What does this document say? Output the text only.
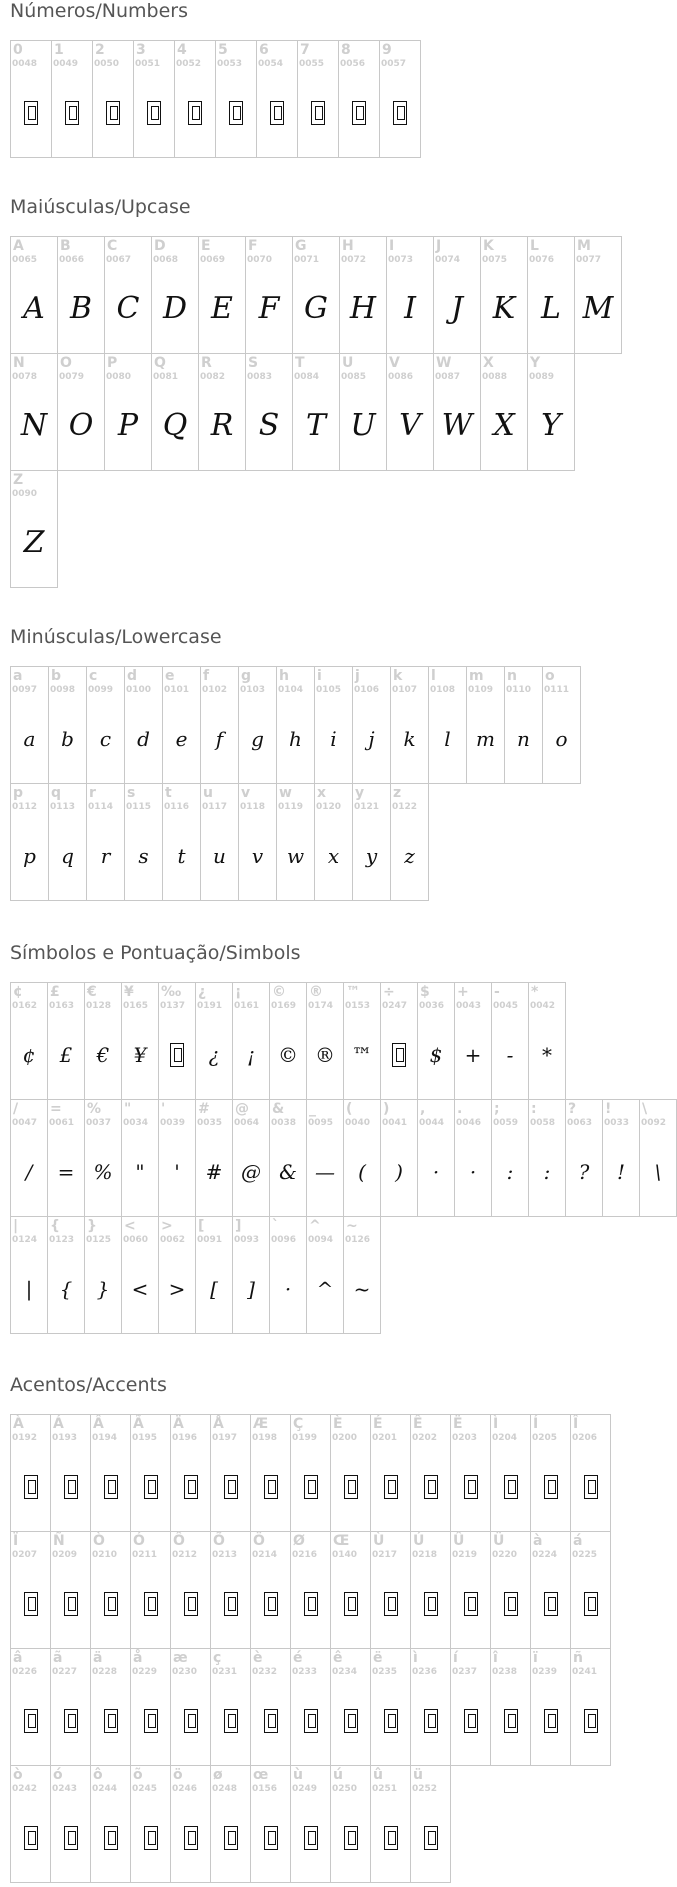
Números/Numbers
0
0048
1
0049
2
0050
3
0051
4
0052
5
0053
6
0054
7
0055
8
0056
9
0057
Maiúsculas/Upcase
A
0065
A
B
0066
B
C
0067
C
D
0068
D
E
0069
E
F
0070
F
G
0071
G
H
0072
H
I
0073
I
J
0074
J
K
0075
K
L
0076
L
M
0077
M
N
0078
N
O
0079
O
P
0080
P
Q
0081
Q
R
0082
R
S
0083
S
T
0084
T
U
0085
U
V
0086
V
W
0087
W
X
0088
X
Y
0089
Y
Z
0090
Z
Minúsculas/Lowercase
a
0097
a
b
0098
b
c
0099
c
d
0100
d
e
0101
e
f
0102
f
g
0103
g
h
0104
h
i
0105
i
j
0106
j
k
0107
k
l
0108
l
m
0109
m
n
0110
n
o
0111
o
p
0112
p
q
0113
q
r
0114
r
s
0115
s
t
0116
t
u
0117
u
v
0118
v
w
0119
w
x
0120
x
y
0121
y
z
0122
z
Símbolos e Pontuação/Simbols
¢
0162
¢
£
0163
£
€
0128
€
¥
0165
¥
‰
0137
¿
0191
¿
¡
0161
¡
©
0169
©
®
0174
®
™
0153
™
÷
0247
$
0036
$
+
0043
+
-
0045
-
*
0042
*
/
0047
/
=
0061
=
%
0037
%
"
0034
"
'
0039
'
#
0035
#
@
0064
@
&
0038
&
_
0095
—
(
0040
(
)
0041
)
,
0044
·
.
0046
·
;
0059
:
:
0058
:
?
0063
?
!
0033
!
\
0092
\
|
0124
|
{
0123
{
}
0125
}
<
0060
<
>
0062
>
[
0091
[
]
0093
]
`
0096
·
^
0094
^
~
0126
~
Acentos/Accents
À
0192
Á
0193
Â
0194
Ã
0195
Ä
0196
Å
0197
Æ
0198
Ç
0199
È
0200
É
0201
Ê
0202
Ë
0203
Ì
0204
Í
0205
Î
0206
Ï
0207
Ñ
0209
Ò
0210
Ó
0211
Ô
0212
Õ
0213
Ö
0214
Ø
0216
Œ
0140
Ù
0217
Ú
0218
Û
0219
Ü
0220
à
0224
á
0225
â
0226
ã
0227
ä
0228
å
0229
æ
0230
ç
0231
è
0232
é
0233
ê
0234
ë
0235
ì
0236
í
0237
î
0238
ï
0239
ñ
0241
ò
0242
ó
0243
ô
0244
õ
0245
ö
0246
ø
0248
œ
0156
ù
0249
ú
0250
û
0251
ü
0252
